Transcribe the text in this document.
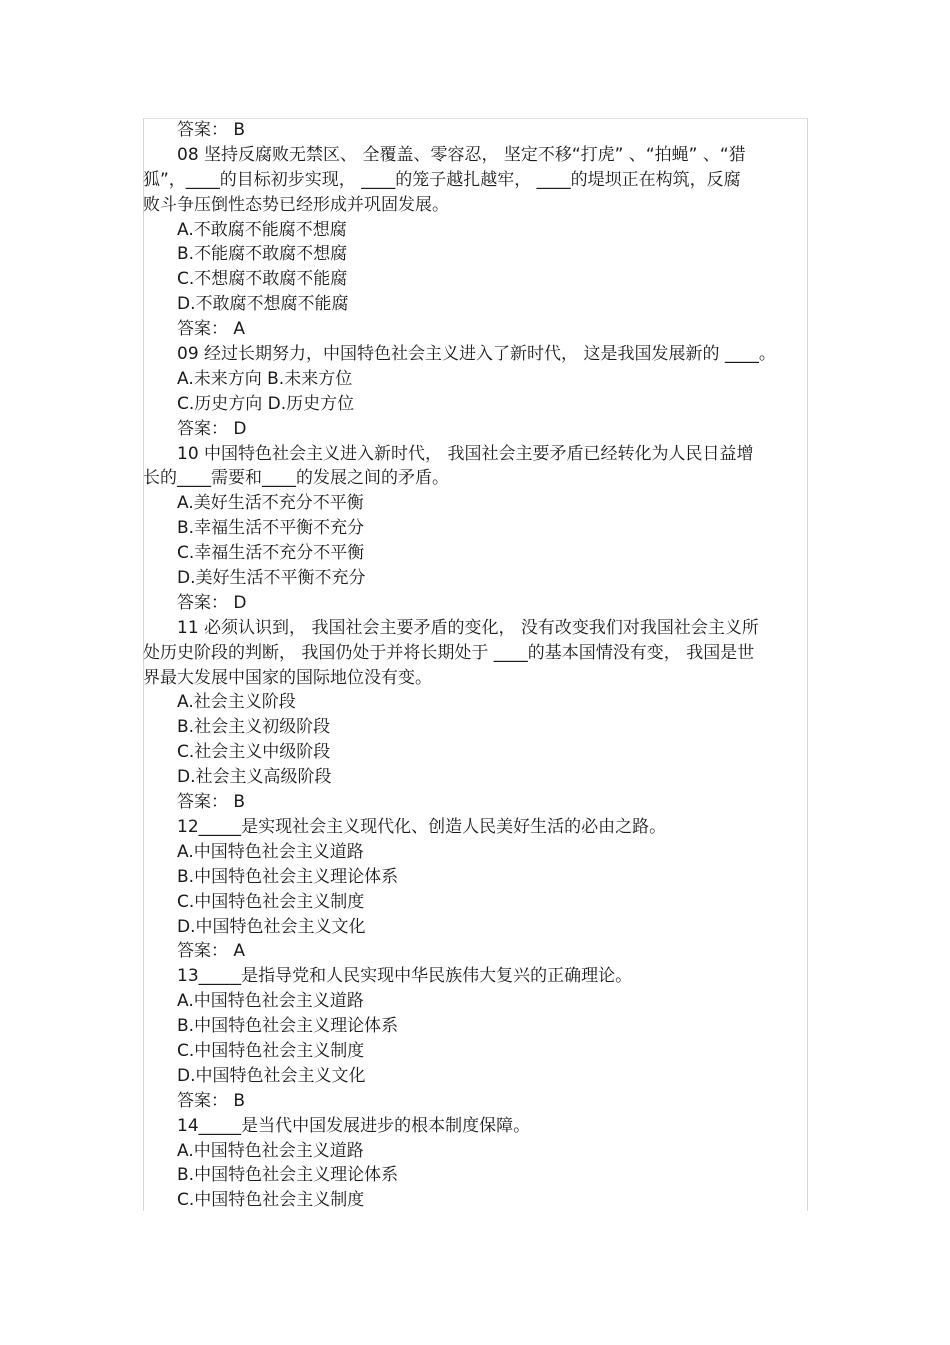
答案： B
08 坚持反腐败无禁区、 全覆盖、零容忍， 坚定不移“打虎” 、“拍蝇” 、“猎
狐”，____的目标初步实现， ____的笼子越扎越牢， ____的堤坝正在构筑，反腐
败斗争压倒性态势已经形成并巩固发展。
A.不敢腐不能腐不想腐
B.不能腐不敢腐不想腐
C.不想腐不敢腐不能腐
D.不敢腐不想腐不能腐
答案： A
09 经过长期努力，中国特色社会主义进入了新时代， 这是我国发展新的 ____。
A.未来方向 B.未来方位
C.历史方向 D.历史方位
答案： D
10 中国特色社会主义进入新时代， 我国社会主要矛盾已经转化为人民日益增
长的____需要和____的发展之间的矛盾。
A.美好生活不充分不平衡
B.幸福生活不平衡不充分
C.幸福生活不充分不平衡
D.美好生活不平衡不充分
答案： D
11 必须认识到， 我国社会主要矛盾的变化， 没有改变我们对我国社会主义所
处历史阶段的判断， 我国仍处于并将长期处于 ____的基本国情没有变， 我国是世
界最大发展中国家的国际地位没有变。
A.社会主义阶段
B.社会主义初级阶段
C.社会主义中级阶段
D.社会主义高级阶段
答案： B
12_____是实现社会主义现代化、创造人民美好生活的必由之路。
A.中国特色社会主义道路
B.中国特色社会主义理论体系
C.中国特色社会主义制度
D.中国特色社会主义文化
答案： A
13_____是指导党和人民实现中华民族伟大复兴的正确理论。
A.中国特色社会主义道路
B.中国特色社会主义理论体系
C.中国特色社会主义制度
D.中国特色社会主义文化
答案： B
14_____是当代中国发展进步的根本制度保障。
A.中国特色社会主义道路
B.中国特色社会主义理论体系
C.中国特色社会主义制度
